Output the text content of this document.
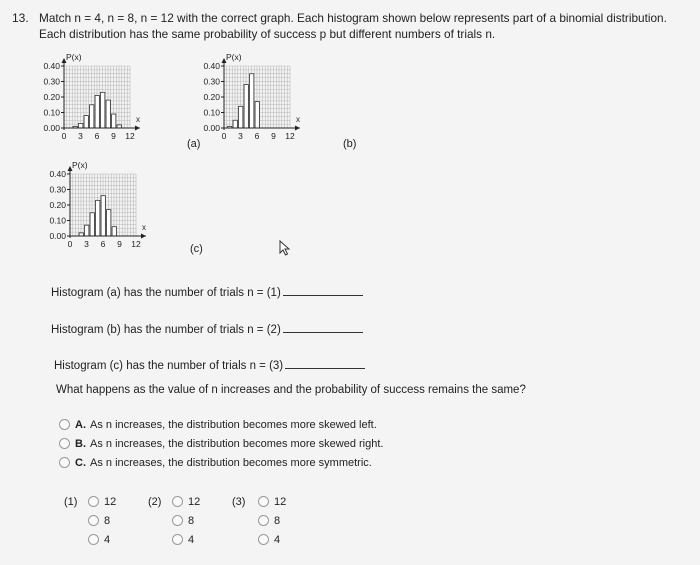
13. Match n = 4, n = 8, n = 12 with the correct graph. Each histogram shown below represents part of a binomial distribution.
Each distribution has the same probability of success p but different numbers of trials n.
0.40
0.30
0.20
0.10
0.00
0 3 6 9 12
x
P(x)
(a)
0.40
0.30
0.20
0.10
0.00
0 3 6 9 12
x
P(x)
(b)
0.40
0.30
0.20
0.10
0.00
0 3 6 9 12
x
P(x)
(c)
Histogram (a) has the number of trials n = (1)
Histogram (b) has the number of trials n = (2)
Histogram (c) has the number of trials n = (3)
What happens as the value of n increases and the probability of success remains the same?
A. As n increases, the distribution becomes more skewed left.
B. As n increases, the distribution becomes more skewed right.
C. As n increases, the distribution becomes more symmetric.
(1)	12
8
4
(2)	12
8
4
(3)	12
8
4
